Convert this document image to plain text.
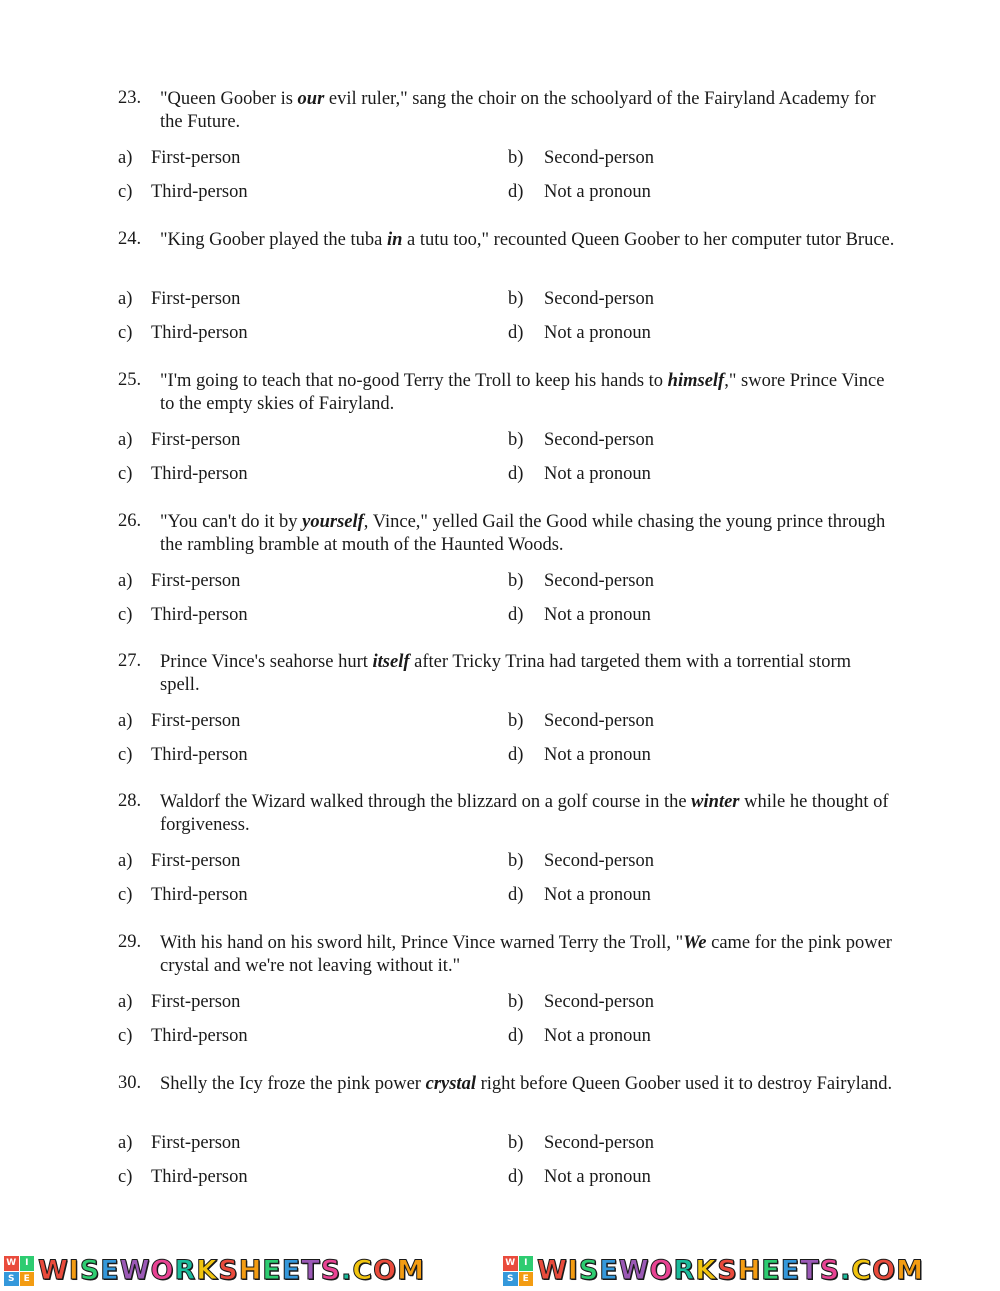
23. "Queen Goober is our evil ruler," sang the choir on the schoolyard of the Fairyland Academy for the Future.
a) First-person	b) Second-person
c) Third-person	d) Not a pronoun
24. "King Goober played the tuba in a tutu too," recounted Queen Goober to her computer tutor Bruce.
a) First-person	b) Second-person
c) Third-person	d) Not a pronoun
25. "I'm going to teach that no-good Terry the Troll to keep his hands to himself," swore Prince Vince to the empty skies of Fairyland.
a) First-person	b) Second-person
c) Third-person	d) Not a pronoun
26. "You can't do it by yourself, Vince," yelled Gail the Good while chasing the young prince through the rambling bramble at mouth of the Haunted Woods.
a) First-person	b) Second-person
c) Third-person	d) Not a pronoun
27. Prince Vince's seahorse hurt itself after Tricky Trina had targeted them with a torrential storm spell.
a) First-person	b) Second-person
c) Third-person	d) Not a pronoun
28. Waldorf the Wizard walked through the blizzard on a golf course in the winter while he thought of forgiveness.
a) First-person	b) Second-person
c) Third-person	d) Not a pronoun
29. With his hand on his sword hilt, Prince Vince warned Terry the Troll, "We came for the pink power crystal and we're not leaving without it."
a) First-person	b) Second-person
c) Third-person	d) Not a pronoun
30. Shelly the Icy froze the pink power crystal right before Queen Goober used it to destroy Fairyland.
a) First-person	b) Second-person
c) Third-person	d) Not a pronoun
W I
S	E WISEWORKSHEETS.COM	W I
S	E WISEWORKSHEETS.COM
